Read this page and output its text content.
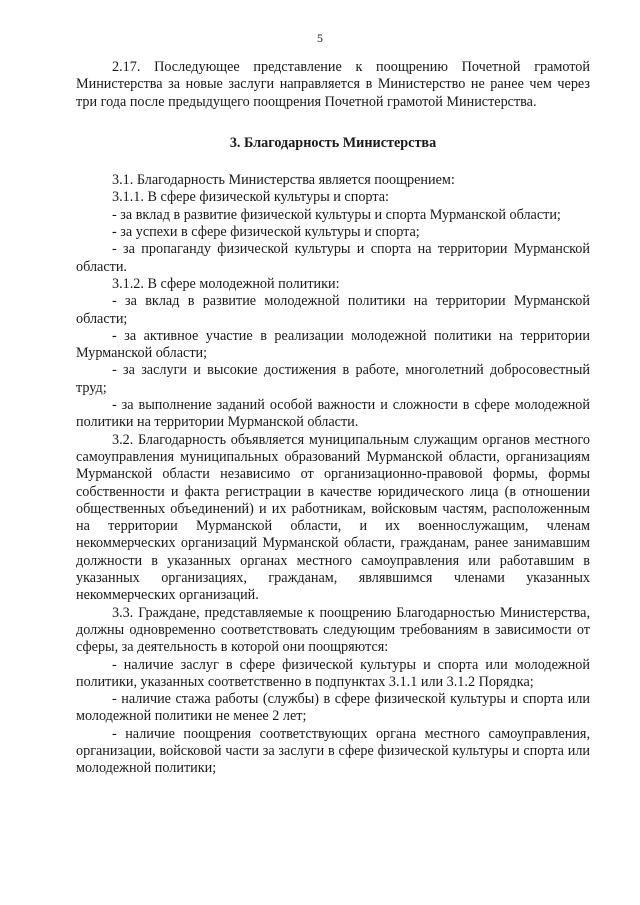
5

2.17. Последующее представление к поощрению Почетной грамотой Министерства за новые заслуги направляется в Министерство не ранее чем через три года после предыдущего поощрения Почетной грамотой Министерства.

3. Благодарность Министерства

3.1. Благодарность Министерства является поощрением:

3.1.1. В сфере физической культуры и спорта:

- за вклад в развитие физической культуры и спорта Мурманской области;

- за успехи в сфере физической культуры и спорта;

- за пропаганду физической культуры и спорта на территории Мурманской области.

3.1.2. В сфере молодежной политики:

- за вклад в развитие молодежной политики на территории Мурманской области;

- за активное участие в реализации молодежной политики на территории Мурманской области;

- за заслуги и высокие достижения в работе, многолетний добросовестный труд;

- за выполнение заданий особой важности и сложности в сфере молодежной политики на территории Мурманской области.

3.2. Благодарность объявляется муниципальным служащим органов местного самоуправления муниципальных образований Мурманской области, организациям Мурманской области независимо от организационно-правовой формы, формы собственности и факта регистрации в качестве юридического лица (в отношении общественных объединений) и их работникам, войсковым частям, расположенным на территории Мурманской области, и их военнослужащим, членам некоммерческих организаций Мурманской области, гражданам, ранее занимавшим должности в указанных органах местного самоуправления или работавшим в указанных организациях, гражданам, являвшимся членами указанных некоммерческих организаций.

3.3. Граждане, представляемые к поощрению Благодарностью Министерства, должны одновременно соответствовать следующим требованиям в зависимости от сферы, за деятельность в которой они поощряются:

- наличие заслуг в сфере физической культуры и спорта или молодежной политики, указанных соответственно в подпунктах 3.1.1 или 3.1.2 Порядка;

- наличие стажа работы (службы) в сфере физической культуры и спорта или молодежной политики не менее 2 лет;

- наличие поощрения соответствующих органа местного самоуправления, организации, войсковой части за заслуги в сфере физической культуры и спорта или молодежной политики;
